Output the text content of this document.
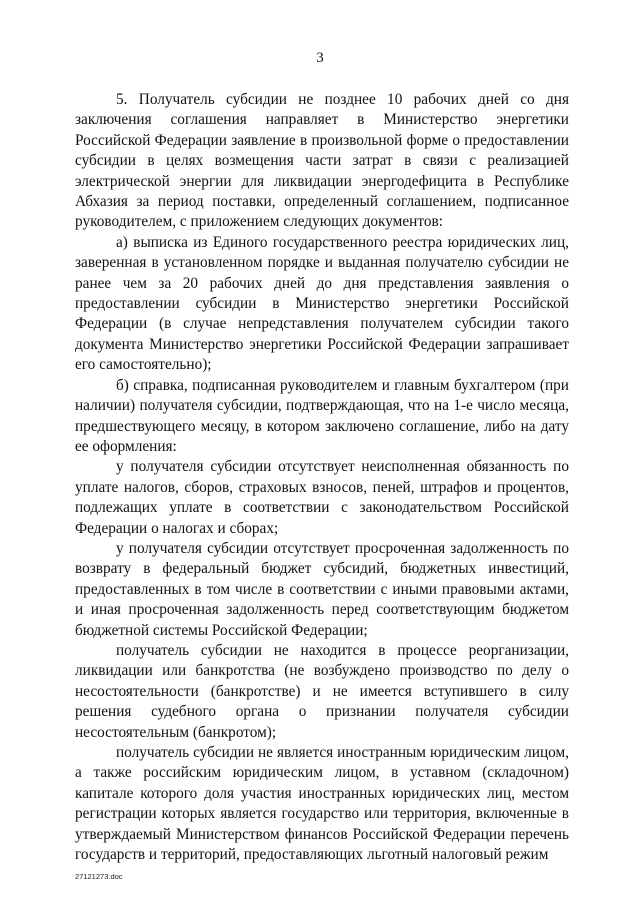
3

5. Получатель субсидии не позднее 10 рабочих дней со дня заключения соглашения направляет в Министерство энергетики Российской Федерации заявление в произвольной форме о предоставлении субсидии в целях возмещения части затрат в связи с реализацией электрической энергии для ликвидации энергодефицита в Республике Абхазия за период поставки, определенный соглашением, подписанное руководителем, с приложением следующих документов:

а) выписка из Единого государственного реестра юридических лиц, заверенная в установленном порядке и выданная получателю субсидии не ранее чем за 20 рабочих дней до дня представления заявления о предоставлении субсидии в Министерство энергетики Российской Федерации (в случае непредставления получателем субсидии такого документа Министерство энергетики Российской Федерации запрашивает его самостоятельно);

б) справка, подписанная руководителем и главным бухгалтером (при наличии) получателя субсидии, подтверждающая, что на 1-е число месяца, предшествующего месяцу, в котором заключено соглашение, либо на дату ее оформления:

у получателя субсидии отсутствует неисполненная обязанность по уплате налогов, сборов, страховых взносов, пеней, штрафов и процентов, подлежащих уплате в соответствии с законодательством Российской Федерации о налогах и сборах;

у получателя субсидии отсутствует просроченная задолженность по возврату в федеральный бюджет субсидий, бюджетных инвестиций, предоставленных в том числе в соответствии с иными правовыми актами, и иная просроченная задолженность перед соответствующим бюджетом бюджетной системы Российской Федерации;

получатель субсидии не находится в процессе реорганизации, ликвидации или банкротства (не возбуждено производство по делу о несостоятельности (банкротстве) и не имеется вступившего в силу решения судебного органа о признании получателя субсидии несостоятельным (банкротом);

получатель субсидии не является иностранным юридическим лицом, а также российским юридическим лицом, в уставном (складочном) капитале которого доля участия иностранных юридических лиц, местом регистрации которых является государство или территория, включенные в утверждаемый Министерством финансов Российской Федерации перечень государств и территорий, предоставляющих льготный налоговый режим

27121273.doc
